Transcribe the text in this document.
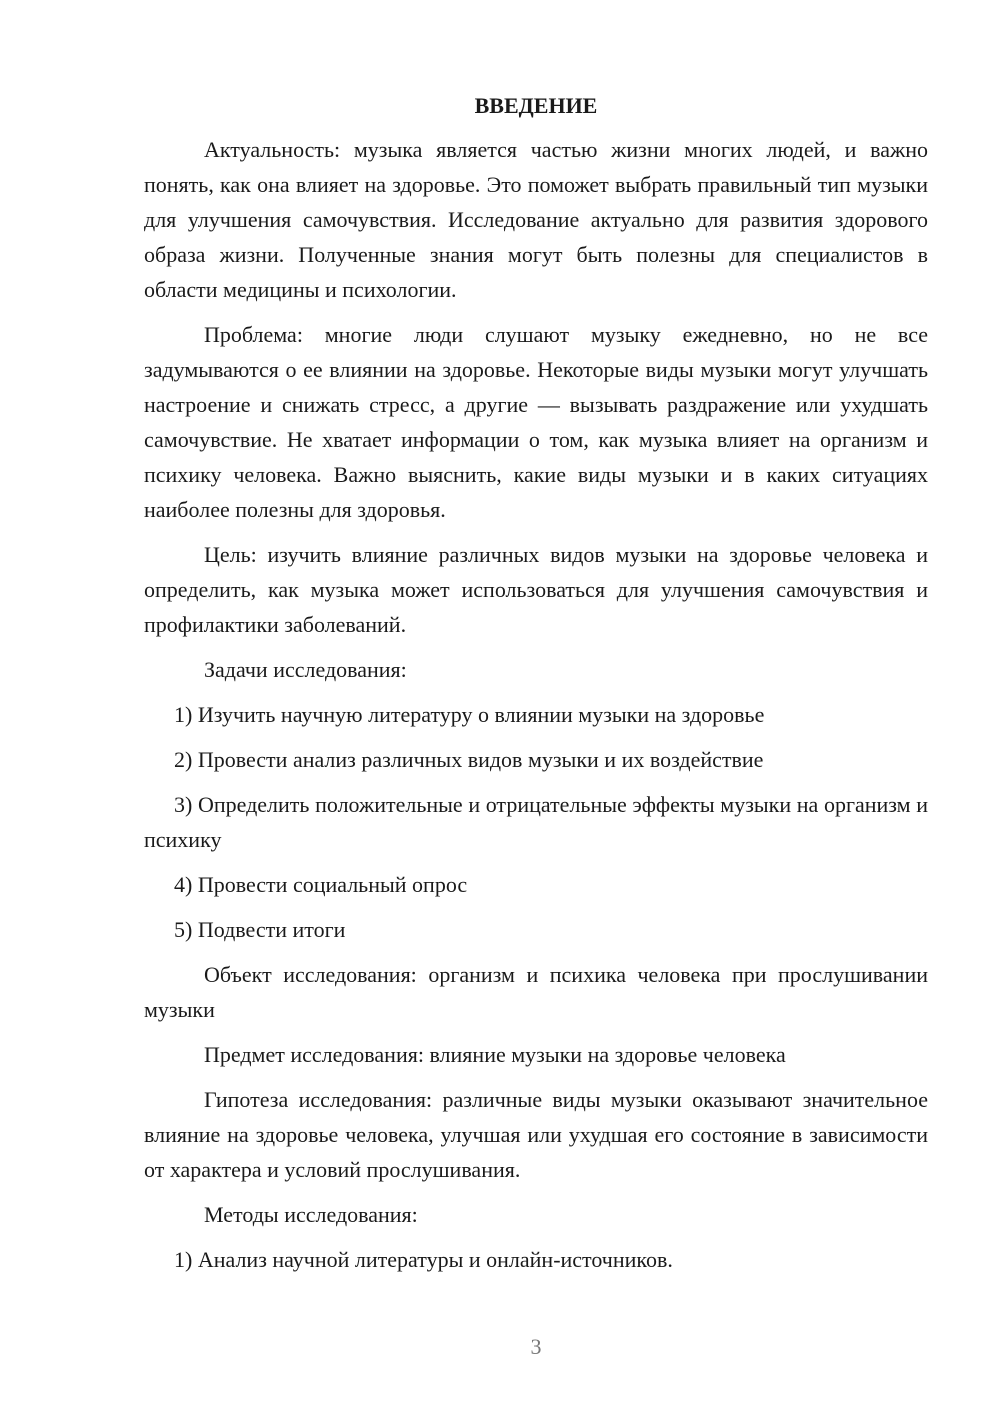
ВВЕДЕНИЕ

Актуальность: музыка является частью жизни многих людей, и важно понять, как она влияет на здоровье. Это поможет выбрать правильный тип музыки для улучшения самочувствия. Исследование актуально для развития здорового образа жизни. Полученные знания могут быть полезны для специалистов в области медицины и психологии.

Проблема: многие люди слушают музыку ежедневно, но не все задумываются о ее влиянии на здоровье. Некоторые виды музыки могут улучшать настроение и снижать стресс, а другие — вызывать раздражение или ухудшать самочувствие. Не хватает информации о том, как музыка влияет на организм и психику человека. Важно выяснить, какие виды музыки и в каких ситуациях наиболее полезны для здоровья.

Цель: изучить влияние различных видов музыки на здоровье человека и определить, как музыка может использоваться для улучшения самочувствия и профилактики заболеваний.

Задачи исследования:

1) Изучить научную литературу о влиянии музыки на здоровье

2) Провести анализ различных видов музыки и их воздействие

3) Определить положительные и отрицательные эффекты музыки на организм и психику

4) Провести социальный опрос

5) Подвести итоги

Объект исследования: организм и психика человека при прослушивании музыки

Предмет исследования: влияние музыки на здоровье человека

Гипотеза исследования: различные виды музыки оказывают значительное влияние на здоровье человека, улучшая или ухудшая его состояние в зависимости от характера и условий прослушивания.

Методы исследования:

1) Анализ научной литературы и онлайн-источников.

3
